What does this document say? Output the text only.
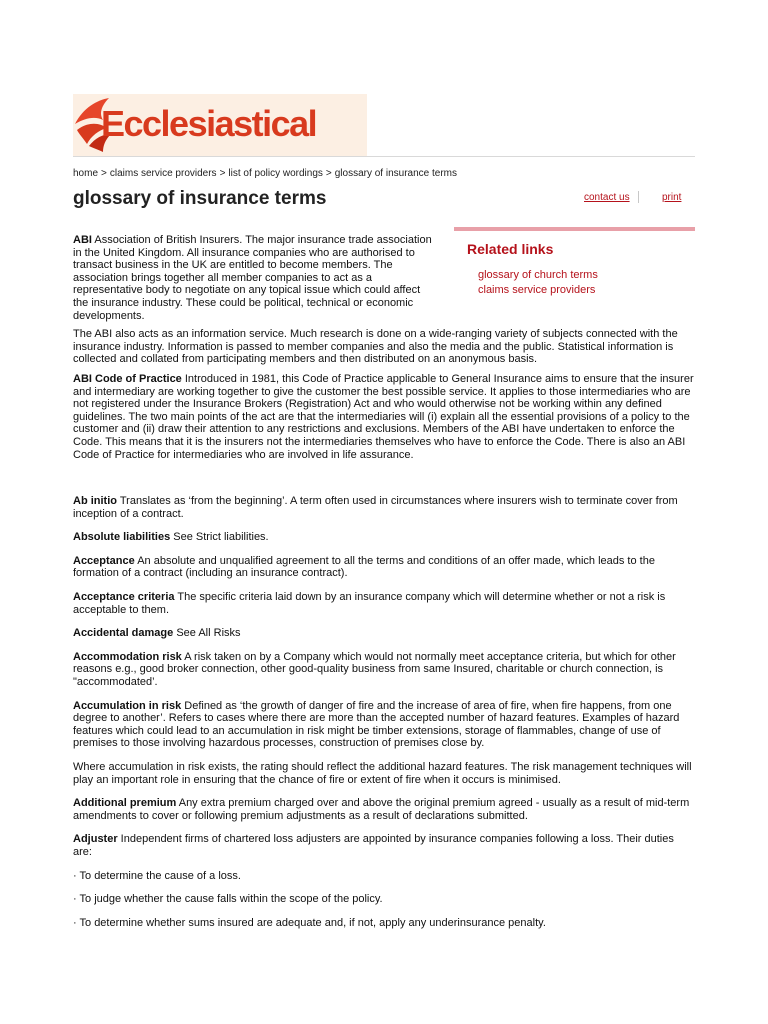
Ecclesiastical
home > claims service providers > list of policy wordings > glossary of insurance terms
glossary of insurance terms	contact us	print
Related links
glossary of church terms
claims service providers

ABI Association of British Insurers. The major insurance trade association in the United Kingdom. All insurance companies who are authorised to transact business in the UK are entitled to become members. The association brings together all member companies to act as a representative body to negotiate on any topical issue which could affect the insurance industry. These could be political, technical or economic developments.

The ABI also acts as an information service. Much research is done on a wide-ranging variety of subjects connected with the insurance industry. Information is passed to member companies and also the media and the public. Statistical information is collected and collated from participating members and then distributed on an anonymous basis.

ABI Code of Practice Introduced in 1981, this Code of Practice applicable to General Insurance aims to ensure that the insurer and intermediary are working together to give the customer the best possible service. It applies to those intermediaries who are not registered under the Insurance Brokers (Registration) Act and who would otherwise not be working within any defined guidelines. The two main points of the act are that the intermediaries will (i) explain all the essential provisions of a policy to the customer and (ii) draw their attention to any restrictions and exclusions. Members of the ABI have undertaken to enforce the Code. This means that it is the insurers not the intermediaries themselves who have to enforce the Code. There is also an ABI Code of Practice for intermediaries who are involved in life assurance.

Ab initio Translates as ‘from the beginning’. A term often used in circumstances where insurers wish to terminate cover from inception of a contract.

Absolute liabilities See Strict liabilities.

Acceptance An absolute and unqualified agreement to all the terms and conditions of an offer made, which leads to the formation of a contract (including an insurance contract).

Acceptance criteria The specific criteria laid down by an insurance company which will determine whether or not a risk is acceptable to them.

Accidental damage See All Risks

Accommodation risk A risk taken on by a Company which would not normally meet acceptance criteria, but which for other reasons e.g., good broker connection, other good-quality business from same Insured, charitable or church connection, is "accommodated’.

Accumulation in risk Defined as ‘the growth of danger of fire and the increase of area of fire, when fire happens, from one degree to another’. Refers to cases where there are more than the accepted number of hazard features. Examples of hazard features which could lead to an accumulation in risk might be timber extensions, storage of flammables, change of use of premises to those involving hazardous processes, construction of premises close by.

Where accumulation in risk exists, the rating should reflect the additional hazard features. The risk management techniques will play an important role in ensuring that the chance of fire or extent of fire when it occurs is minimised.

Additional premium Any extra premium charged over and above the original premium agreed - usually as a result of mid-term amendments to cover or following premium adjustments as a result of declarations submitted.

Adjuster Independent firms of chartered loss adjusters are appointed by insurance companies following a loss. Their duties are:

· To determine the cause of a loss.

· To judge whether the cause falls within the scope of the policy.

· To determine whether sums insured are adequate and, if not, apply any underinsurance penalty.
